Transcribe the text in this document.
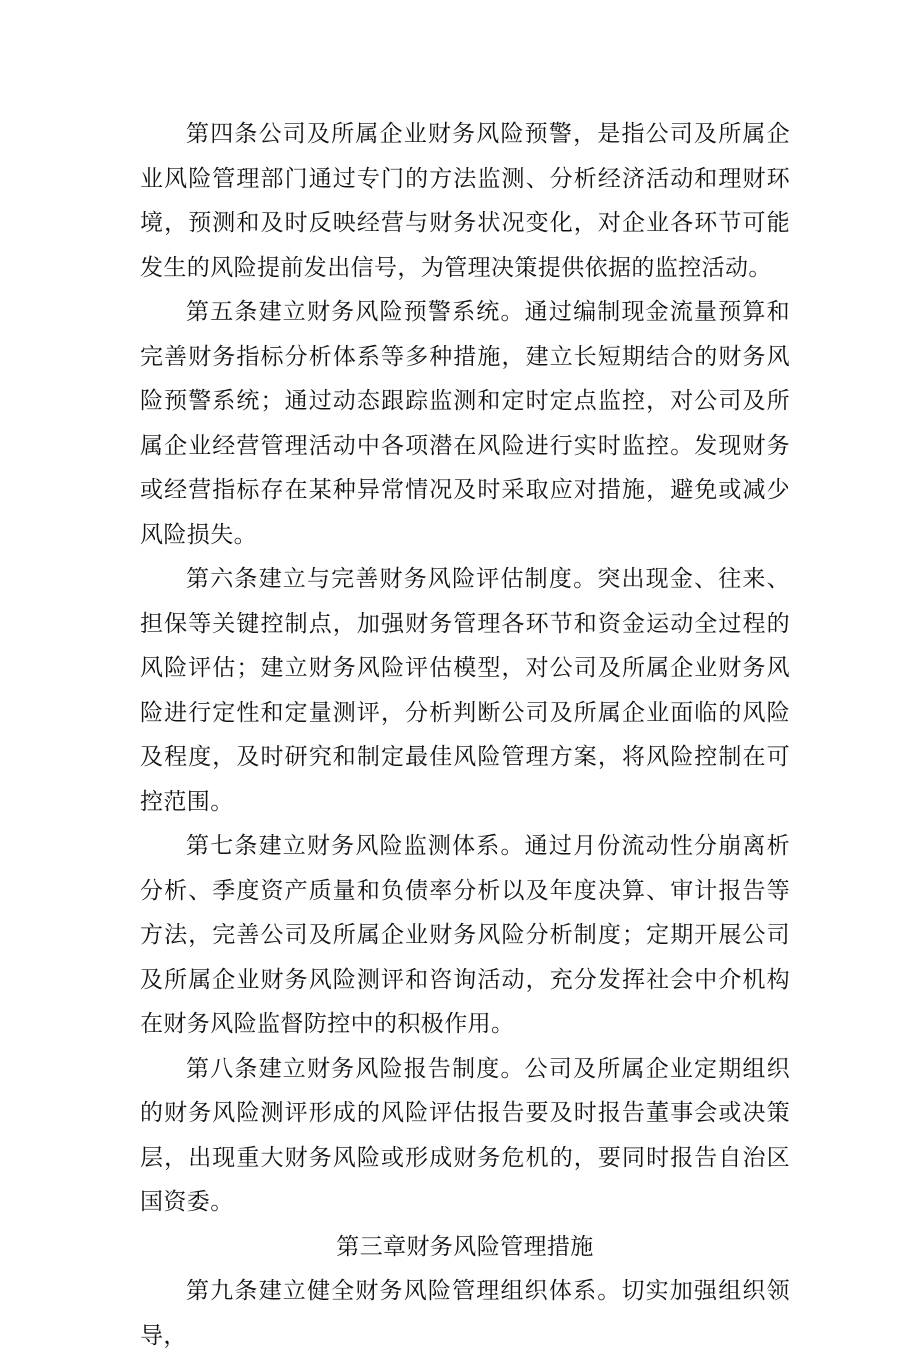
第四条公司及所属企业财务风险预警，是指公司及所属企业风险管理部门通过专门的方法监测、分析经济活动和理财环境，预测和及时反映经营与财务状况变化，对企业各环节可能发生的风险提前发出信号，为管理决策提供依据的监控活动。

第五条建立财务风险预警系统。通过编制现金流量预算和完善财务指标分析体系等多种措施，建立长短期结合的财务风险预警系统；通过动态跟踪监测和定时定点监控，对公司及所属企业经营管理活动中各项潜在风险进行实时监控。发现财务或经营指标存在某种异常情况及时采取应对措施，避免或减少风险损失。

第六条建立与完善财务风险评估制度。突出现金、往来、担保等关键控制点，加强财务管理各环节和资金运动全过程的风险评估；建立财务风险评估模型，对公司及所属企业财务风险进行定性和定量测评，分析判断公司及所属企业面临的风险及程度，及时研究和制定最佳风险管理方案，将风险控制在可控范围。

第七条建立财务风险监测体系。通过月份流动性分崩离析分析、季度资产质量和负债率分析以及年度决算、审计报告等方法，完善公司及所属企业财务风险分析制度；定期开展公司及所属企业财务风险测评和咨询活动，充分发挥社会中介机构在财务风险监督防控中的积极作用。

第八条建立财务风险报告制度。公司及所属企业定期组织的财务风险测评形成的风险评估报告要及时报告董事会或决策层，出现重大财务风险或形成财务危机的，要同时报告自治区国资委。

第三章财务风险管理措施

第九条建立健全财务风险管理组织体系。切实加强组织领导，
